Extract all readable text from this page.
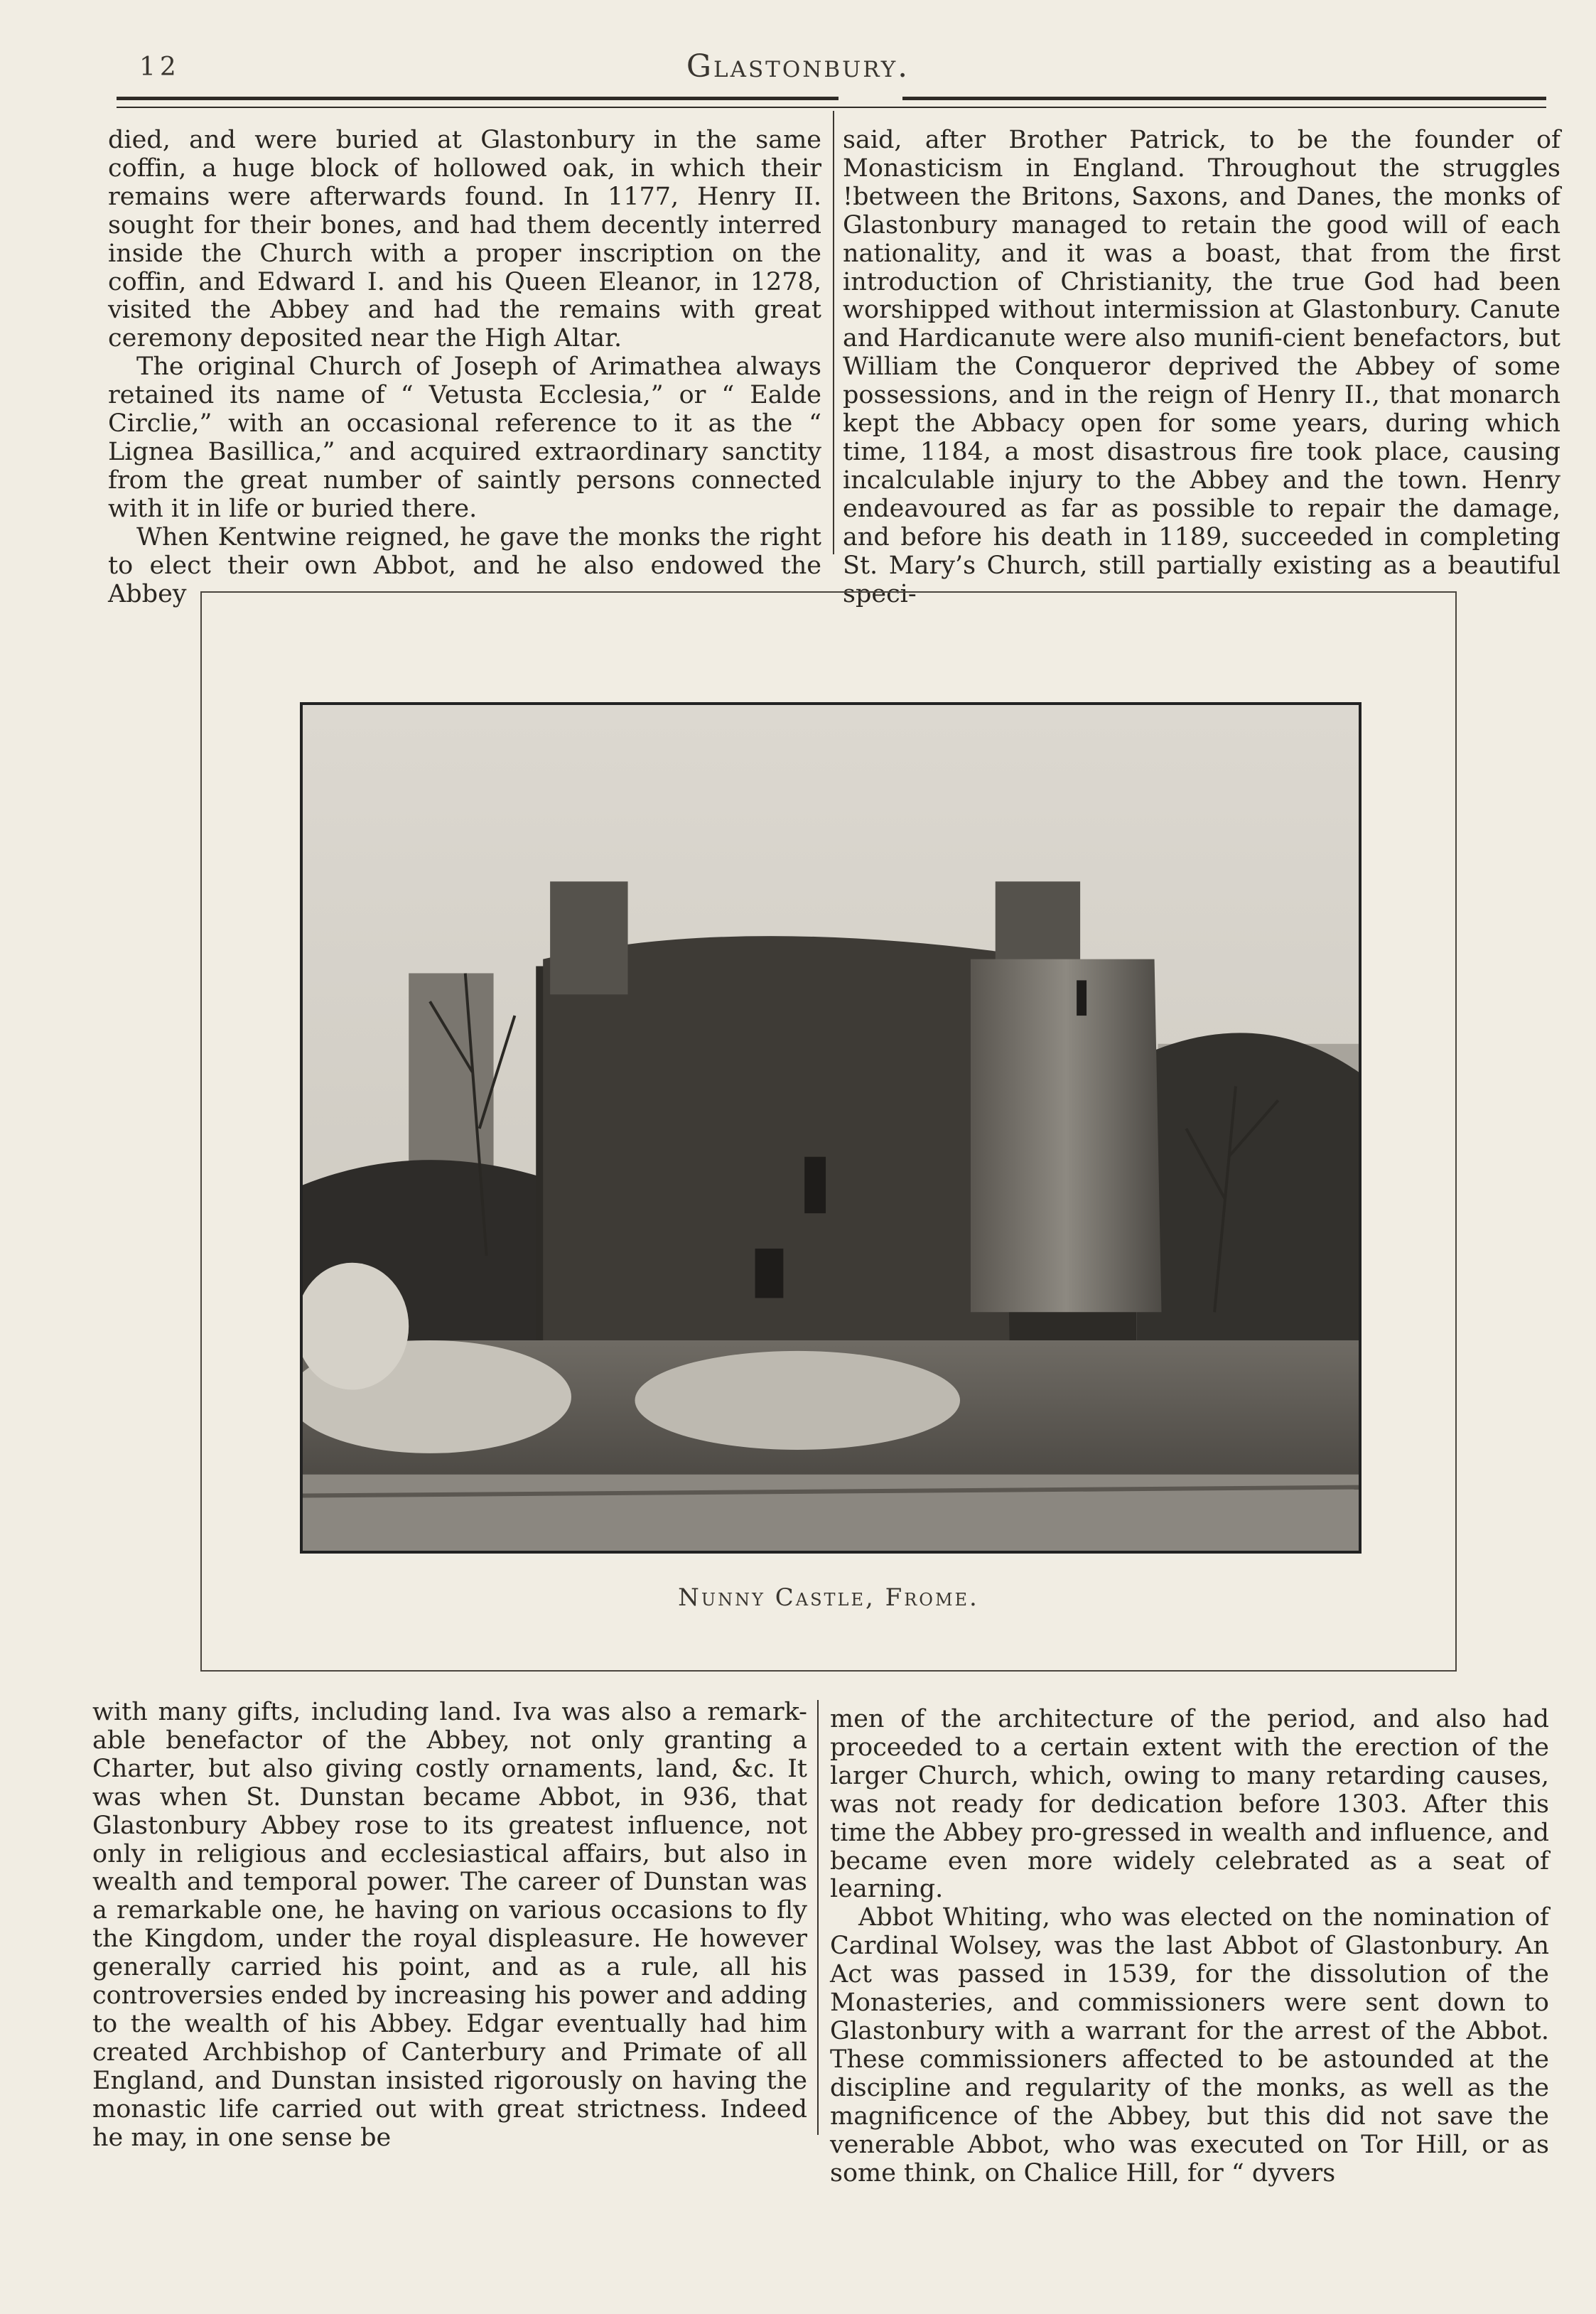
12	Glastonbury.

died, and were buried at Glastonbury in the same coffin, a huge block of hollowed oak, in which their remains were afterwards found. In 1177, Henry II. sought for their bones, and had them decently interred inside the Church with a proper inscription on the coffin, and Edward I. and his Queen Eleanor, in 1278, visited the Abbey and had the remains with great ceremony deposited near the High Altar.

The original Church of Joseph of Arimathea always retained its name of “ Vetusta Ecclesia,” or “ Ealde Circlie,” with an occasional reference to it as the “ Lignea Basillica,” and acquired extraordinary sanctity from the great number of saintly persons connected with it in life or buried there.

When Kentwine reigned, he gave the monks the right to elect their own Abbot, and he also endowed the Abbey

said, after Brother Patrick, to be the founder of Monasticism in England. Throughout the struggles !between the Britons, Saxons, and Danes, the monks of Glastonbury managed to retain the good will of each nationality, and it was a boast, that from the first introduction of Christianity, the true God had been worshipped without intermission at Glastonbury. Canute and Hardicanute were also munifi-cient benefactors, but William the Conqueror deprived the Abbey of some possessions, and in the reign of Henry II., that monarch kept the Abbacy open for some years, during which time, 1184, a most disastrous fire took place, causing incalculable injury to the Abbey and the town. Henry endeavoured as far as possible to repair the damage, and before his death in 1189, succeeded in completing St. Mary’s Church, still partially existing as a beautiful speci-

Nunny Castle, Frome.

with many gifts, including land. Iva was also a remark-able benefactor of the Abbey, not only granting a Charter, but also giving costly ornaments, land, &c. It was when St. Dunstan became Abbot, in 936, that Glastonbury Abbey rose to its greatest influence, not only in religious and ecclesiastical affairs, but also in wealth and temporal power. The career of Dunstan was a remarkable one, he having on various occasions to fly the Kingdom, under the royal displeasure. He however generally carried his point, and as a rule, all his controversies ended by increasing his power and adding to the wealth of his Abbey. Edgar eventually had him created Archbishop of Canterbury and Primate of all England, and Dunstan insisted rigorously on having the monastic life carried out with great strictness. Indeed he may, in one sense be

men of the architecture of the period, and also had proceeded to a certain extent with the erection of the larger Church, which, owing to many retarding causes, was not ready for dedication before 1303. After this time the Abbey pro-gressed in wealth and influence, and became even more widely celebrated as a seat of learning.

Abbot Whiting, who was elected on the nomination of Cardinal Wolsey, was the last Abbot of Glastonbury. An Act was passed in 1539, for the dissolution of the Monasteries, and commissioners were sent down to Glastonbury with a warrant for the arrest of the Abbot. These commissioners affected to be astounded at the discipline and regularity of the monks, as well as the magnificence of the Abbey, but this did not save the venerable Abbot, who was executed on Tor Hill, or as some think, on Chalice Hill, for “ dyvers
